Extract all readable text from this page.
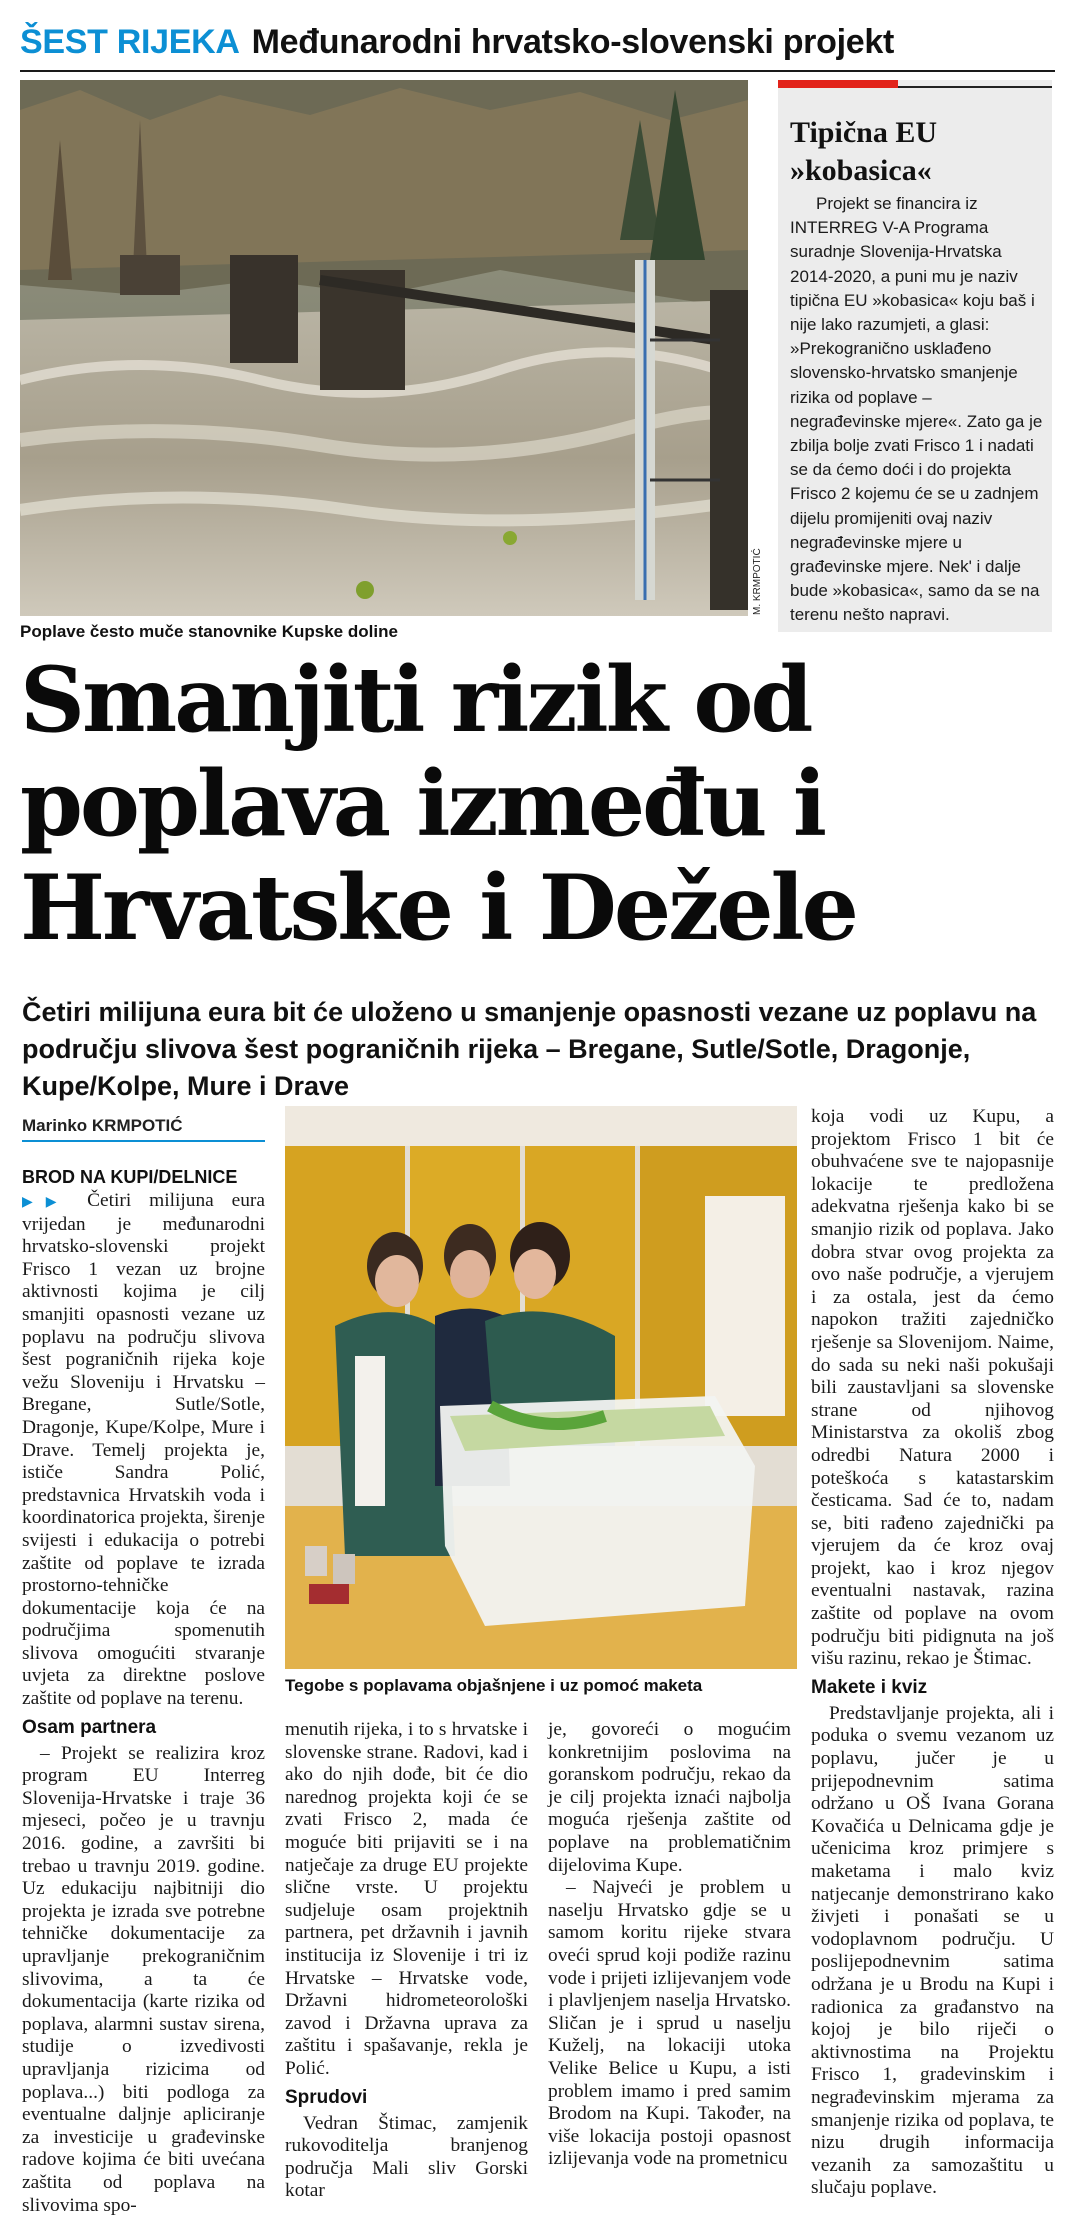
ŠEST RIJEKA Međunarodni hrvatsko-slovenski projekt
M. KRMPOTIĆ
Poplave često muče stanovnike Kupske doline
Tipična EU »kobasica«
Projekt se financira iz INTERREG V-A Programa suradnje Slovenija-Hrvatska 2014-2020, a puni mu je naziv tipična EU »kobasica« koju baš i nije lako razumjeti, a glasi: »Prekogranično usklađeno slovensko-hrvatsko smanjenje rizika od poplave – negrađevinske mjere«. Zato ga je zbilja bolje zvati Frisco 1 i nadati se da ćemo doći i do projekta Frisco 2 kojemu će se u zadnjem dijelu promijeniti ovaj naziv negrađevinske mjere u građevinske mjere. Nek' i dalje bude »kobasica«, samo da se na terenu nešto napravi.
Smanjiti rizik od poplava između i Hrvatske i Dežele

Četiri milijuna eura bit će uloženo u smanjenje opasnosti vezane uz poplavu na području slivova šest pograničnih rijeka – Bregane, Sutle/Sotle, Dragonje, Kupe/Kolpe, Mure i Drave

Marinko KRMPOTIĆ
BROD NA KUPI/DELNICE

▶▶ Četiri milijuna eura vrijedan je međunarodni hrvatsko-slovenski projekt Frisco 1 vezan uz brojne aktivnosti kojima je cilj smanjiti opasnosti vezane uz poplavu na području slivova šest pograničnih rijeka koje vežu Sloveniju i Hrvatsku – Bregane, Sutle/Sotle, Dragonje, Kupe/Kolpe, Mure i Drave. Temelj projekta je, ističe Sandra Polić, predstavnica Hrvatskih voda i koordinatorica projekta, širenje svijesti i edukacija o potrebi zaštite od poplave te izrada prostorno-tehničke dokumentacije koja će na područjima spomenutih slivova omogućiti stvaranje uvjeta za direktne poslove zaštite od poplave na terenu.

Osam partnera

– Projekt se realizira kroz program EU Interreg Slovenija-Hrvatske i traje 36 mjeseci, počeo je u travnju 2016. godine, a završiti bi trebao u travnju 2019. godine. Uz edukaciju najbitniji dio projekta je izrada sve potrebne tehničke dokumentacije za upravljanje prekograničnim slivovima, a ta će dokumentacija (karte rizika od poplava, alarmni sustav sirena, studije o izvedivosti upravljanja rizicima od poplava...) biti podloga za eventualne daljnje apliciranje za investicije u građevinske radove kojima će biti uvećana zaštita od poplava na slivovima spo-

Tegobe s poplavama objašnjene i uz pomoć maketa

menutih rijeka, i to s hrvatske i slovenske strane. Radovi, kad i ako do njih dođe, bit će dio narednog projekta koji će se zvati Frisco 2, mada će moguće biti prijaviti se i na natječaje za druge EU projekte slične vrste. U projektu sudjeluje osam projektnih partnera, pet državnih i javnih institucija iz Slovenije i tri iz Hrvatske – Hrvatske vode, Državni hidrometeorološki zavod i Državna uprava za zaštitu i spašavanje, rekla je Polić.

Sprudovi

Vedran Štimac, zamjenik rukovoditelja branjenog područja Mali sliv Gorski kotar

je, govoreći o mogućim konkretnijim poslovima na goranskom području, rekao da je cilj projekta iznaći najbolja moguća rješenja zaštite od poplave na problematičnim dijelovima Kupe.

– Najveći je problem u naselju Hrvatsko gdje se u samom koritu rijeke stvara oveći sprud koji podiže razinu vode i prijeti izlijevanjem vode i plavljenjem naselja Hrvatsko. Sličan je i sprud u naselju Kuželj, na lokaciji utoka Velike Belice u Kupu, a isti problem imamo i pred samim Brodom na Kupi. Također, na više lokacija postoji opasnost izlijevanja vode na prometnicu

koja vodi uz Kupu, a projektom Frisco 1 bit će obuhvaćene sve te najopasnije lokacije te predložena adekvatna rješenja kako bi se smanjio rizik od poplava. Jako dobra stvar ovog projekta za ovo naše područje, a vjerujem i za ostala, jest da ćemo napokon tražiti zajedničko rješenje sa Slovenijom. Naime, do sada su neki naši pokušaji bili zaustavljani sa slovenske strane od njihovog Ministarstva za okoliš zbog odredbi Natura 2000 i poteškoća s katastarskim česticama. Sad će to, nadam se, biti rađeno zajednički pa vjerujem da će kroz ovaj projekt, kao i kroz njegov eventualni nastavak, razina zaštite od poplave na ovom području biti pidignuta na još višu razinu, rekao je Štimac.

Makete i kviz

Predstavljanje projekta, ali i poduka o svemu vezanom uz poplavu, jučer je u prijepodnevnim satima održano u OŠ Ivana Gorana Kovačića u Delnicama gdje je učenicima kroz primjere s maketama i malo kviz natjecanje demonstrirano kako živjeti i ponašati se u vodoplavnom području. U poslijepodnevnim satima održana je u Brodu na Kupi i radionica za građanstvo na kojoj je bilo riječi o aktivnostima na Projektu Frisco 1, gradevinskim i negrađevinskim mjerama za smanjenje rizika od poplava, te nizu drugih informacija vezanih za samozaštitu u slučaju poplave.
